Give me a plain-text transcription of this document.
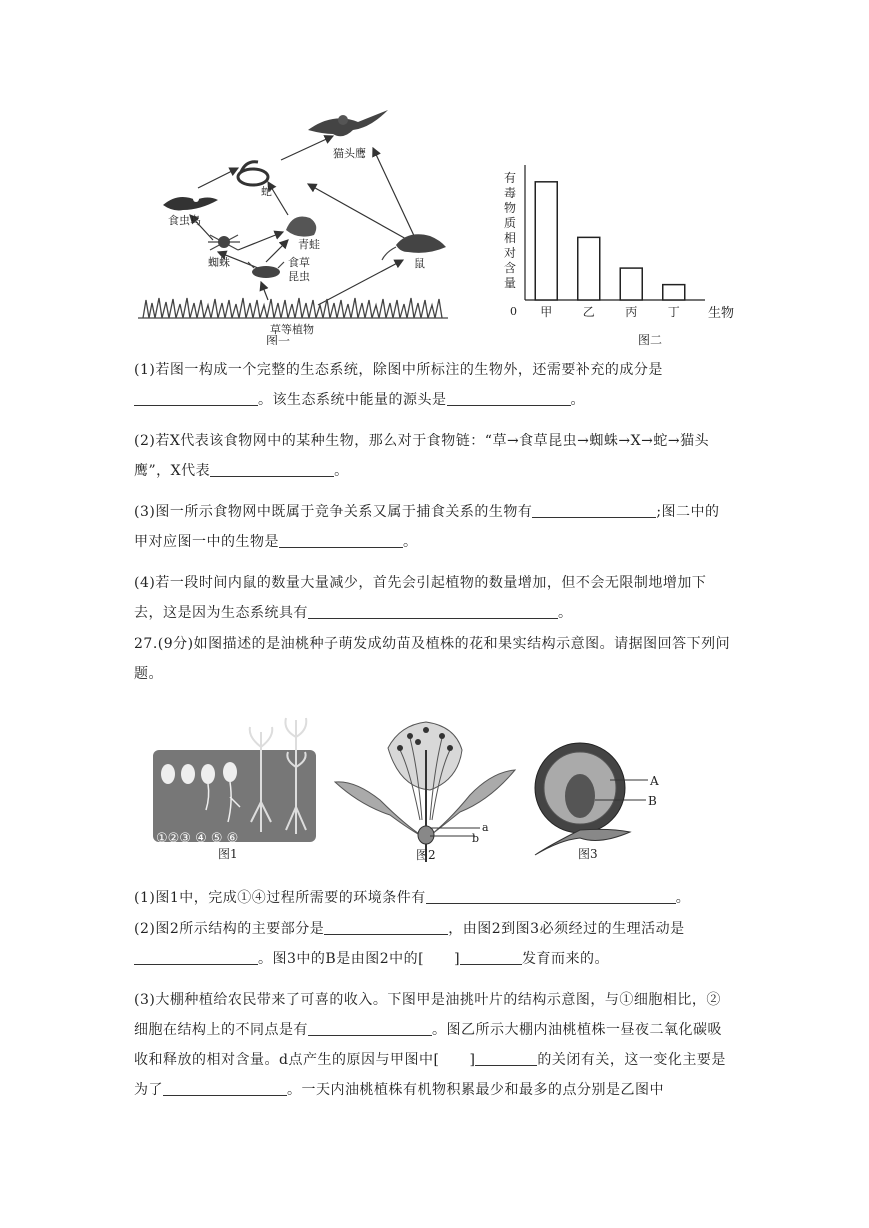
猫头鹰
蛇
食虫鸟
青蛙
蜘蛛	食草
昆虫
鼠
草等植物
图一
有
毒
物
质
相
对
含
量
甲	乙	丙	丁
0	生物
图二
(1)若图一构成一个完整的生态系统，除图中所标注的生物外，还需要补充的成分是
。该生态系统中能量的源头是	。
(2)若X代表该食物网中的某种生物，那么对于食物链：“草→食草昆虫→蜘蛛→X→蛇→猫头鹰”，X代表	。
(3)图一所示食物网中既属于竞争关系又属于捕食关系的生物有	;图二中的甲对应图一中的生物是	。
(4)若一段时间内鼠的数量大量减少，首先会引起植物的数量增加，但不会无限制地增加下去，这是因为生态系统具有	。
27.(9分)如图描述的是油桃种子萌发成幼苗及植株的花和果实结构示意图。请据图回答下列问题。
①②③ ④ ⑤ ⑥
图1
a
b
图2
A
B
图3
(1)图1中，完成①④过程所需要的环境条件有	。
(2)图2所示结构的主要部分是	，由图2到图3必须经过的生理活动是
。图3中的B是由图2中的[ ]	发育而来的。
(3)大棚种植给农民带来了可喜的收入。下图甲是油挑叶片的结构示意图，与①细胞相比，②细胞在结构上的不同点是有	。图乙所示大棚内油桃植株一昼夜二氧化碳吸收和释放的相对含量。d点产生的原因与甲图中[ ]	的关闭有关，这一变化主要是为了	。一天内油桃植株有机物积累最少和最多的点分别是乙图中
